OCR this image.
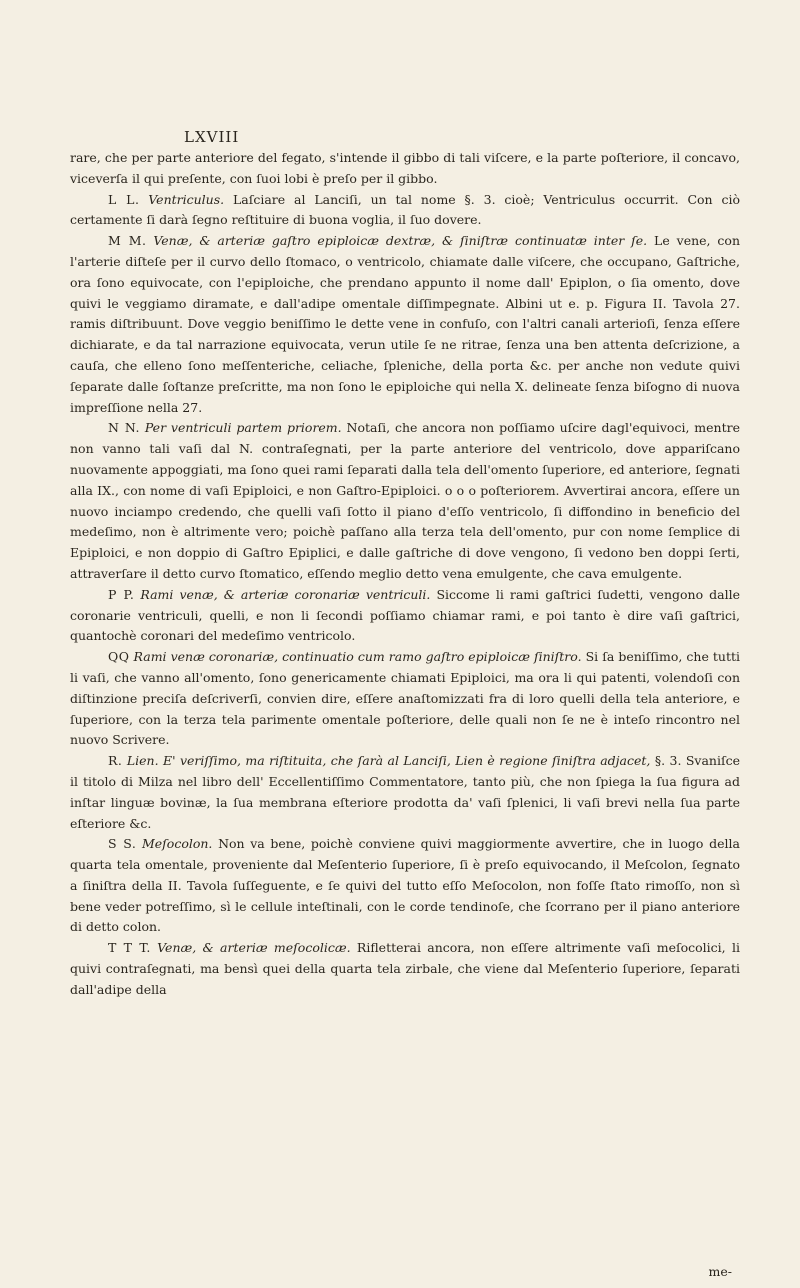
LXVIII

rare, che per parte anteriore del fegato, s'intende il gibbo di tali viſcere, e la parte poſteriore, il concavo, viceverſa il qui preſente, con ſuoi lobi è preſo per il gibbo.

L L. Ventriculus. Laſciare al Lanciſi, un tal nome §. 3. cioè; Ventriculus occurrit. Con ciò certamente ſi darà ſegno reſtituire di buona voglia, il ſuo dovere.

M M. Venæ, & arteriæ gaſtro epiploicæ dextræ, & ſiniſtræ continuatæ inter ſe. Le vene, con l'arterie diſteſe per il curvo dello ſtomaco, o ventricolo, chiamate dalle viſcere, che occupano, Gaſtriche, ora ſono equivocate, con l'epiploiche, che prendano appunto il nome dall' Epiplon, o ſia omento, dove quivi le veggiamo diramate, e dall'adipe omentale diſſimpegnate. Albini ut e. p. Figura II. Tavola 27. ramis diſtribuunt. Dove veggio beniſſimo le dette vene in confuſo, con l'altri canali arterioſi, ſenza eſſere dichiarate, e da tal narrazione equivocata, verun utile ſe ne ritrae, ſenza una ben attenta deſcrizione, a cauſa, che elleno ſono meſſenteriche, celiache, ſpleniche, della porta &c. per anche non vedute quivi ſeparate dalle ſoſtanze preſcritte, ma non ſono le epiploiche qui nella X. delineate ſenza biſogno di nuova impreſſione nella 27.

N N. Per ventriculi partem priorem. Notaſi, che ancora non poſſiamo uſcire dagl'equivoci, mentre non vanno tali vaſi dal N. contraſegnati, per la parte anteriore del ventricolo, dove appariſcano nuovamente appoggiati, ma ſono quei rami ſeparati dalla tela dell'omento ſuperiore, ed anteriore, ſegnati alla IX., con nome di vaſi Epiploici, e non Gaſtro-Epiploici. o o o poſteriorem. Avvertirai ancora, eſſere un nuovo inciampo credendo, che quelli vaſi ſotto il piano d'eſſo ventricolo, ſi diffondino in beneficio del medeſimo, non è altrimente vero; poichè paſſano alla terza tela dell'omento, pur con nome ſemplice di Epiploici, e non doppio di Gaſtro Epiplici, e dalle gaſtriche di dove vengono, ſi vedono ben doppi ſerti, attraverſare il detto curvo ſtomatico, eſſendo meglio detto vena emulgente, che cava emulgente.

P P. Rami venæ, & arteriæ coronariæ ventriculi. Siccome li rami gaſtrici ſudetti, vengono dalle coronarie ventriculi, quelli, e non li ſecondi poſſiamo chiamar rami, e poi tanto è dire vaſi gaſtrici, quantochè coronari del medeſimo ventricolo.

QQ Rami venæ coronariæ, continuatio cum ramo gaſtro epiploicæ ſiniſtro. Si ſa beniſſimo, che tutti li vaſi, che vanno all'omento, ſono genericamente chiamati Epiploici, ma ora li qui patenti, volendoſi con diſtinzione preciſa deſcriverſi, convien dire, eſſere anaſtomizzati fra di loro quelli della tela anteriore, e ſuperiore, con la terza tela parimente omentale poſteriore, delle quali non ſe ne è inteſo rincontro nel nuovo Scrivere.

R. Lien. E' veriſſimo, ma riſtituita, che ſarà al Lanciſi, Lien è regione ſiniſtra adjacet, §. 3. Svaniſce il titolo di Milza nel libro dell' Eccellentiſſimo Commentatore, tanto più, che non ſpiega la ſua figura ad inſtar linguæ bovinæ, la ſua membrana eſteriore prodotta da' vaſi ſplenici, li vaſi brevi nella ſua parte eſteriore &c.

S S. Meſocolon. Non va bene, poichè conviene quivi maggiormente avvertire, che in luogo della quarta tela omentale, proveniente dal Meſenterio ſuperiore, ſi è preſo equivocando, il Meſcolon, ſegnato a ſiniſtra della II. Tavola ſuſſeguente, e ſe quivi del tutto eſſo Meſocolon, non foſſe ſtato rimoſſo, non sì bene veder potreſſimo, sì le cellule inteſtinali, con le corde tendinoſe, che ſcorrano per il piano anteriore di detto colon.

T T T. Venæ, & arteriæ meſocolicæ. Rifletterai ancora, non eſſere altrimente vaſi meſocolici, li quivi contraſegnati, ma bensì quei della quarta tela zirbale, che viene dal Meſenterio ſuperiore, ſeparati dall'adipe della

me-
